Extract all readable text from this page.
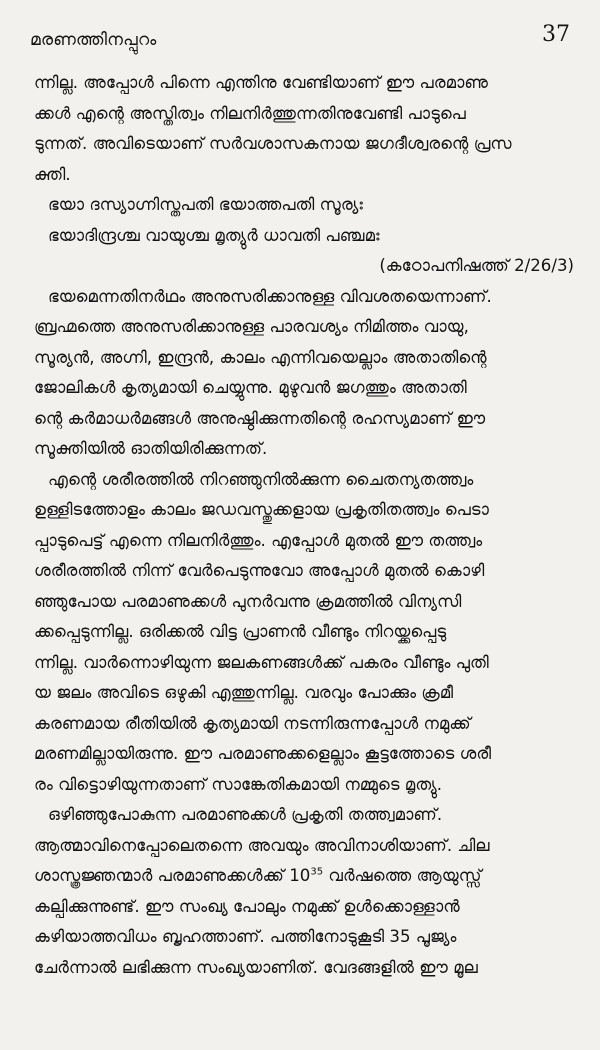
മരണത്തിനപ്പുറം	37
ന്നില്ല. അപ്പോൾ പിന്നെ എന്തിനു വേണ്ടിയാണ് ഈ പരമാണു
ക്കൾ എന്റെ അസ്തിത്വം നിലനിർത്തുന്നതിനുവേണ്ടി പാടുപെ
ടുന്നത്. അവിടെയാണ് സർവശാസകനായ ജഗദീശ്വരന്റെ പ്രസ
ക്തി.
ഭയാ ദസ്യാഗ്നിസ്തപതി ഭയാത്തപതി സൂര്യഃ
ഭയാദിന്ദ്രശ്ച വായുശ്ച മൃത്യുർ ധാവതി പഞ്ചമഃ
(കഠോപനിഷത്ത് 2/26/3)
ഭയമെന്നതിനർഥം അനുസരിക്കാനുള്ള വിവശതയെന്നാണ്.
ബ്രഹ്മത്തെ അനുസരിക്കാനുള്ള പാരവശ്യം നിമിത്തം വായു,
സൂര്യൻ, അഗ്നി, ഇന്ദ്രൻ, കാലം എന്നിവയെല്ലാം അതാതിന്റെ
ജോലികൾ കൃത്യമായി ചെയ്യുന്നു. മുഴുവൻ ജഗത്തും അതാതി
ന്റെ കർമാധർമങ്ങൾ അനുഷ്ഠിക്കുന്നതിന്റെ രഹസ്യമാണ് ഈ
സൂക്തിയിൽ ഓതിയിരിക്കുന്നത്.
എന്റെ ശരീരത്തിൽ നിറഞ്ഞുനിൽക്കുന്ന ചൈതന്യതത്ത്വം
ഉള്ളിടത്തോളം കാലം ജഡവസ്തുക്കളായ പ്രകൃതിതത്ത്വം പെടാ
പ്പാടുപെട്ട് എന്നെ നിലനിർത്തും. എപ്പോൾ മുതൽ ഈ തത്ത്വം
ശരീരത്തിൽ നിന്ന് വേർപെടുന്നുവോ അപ്പോൾ മുതൽ കൊഴി
ഞ്ഞുപോയ പരമാണുക്കൾ പുനർവന്നു ക്രമത്തിൽ വിന്യസി
ക്കപ്പെടുന്നില്ല. ഒരിക്കൽ വിട്ട പ്രാണൻ വീണ്ടും നിറയ്ക്കപ്പെടു
ന്നില്ല. വാർന്നൊഴിയുന്ന ജലകണങ്ങൾക്ക് പകരം വീണ്ടും പുതി
യ ജലം അവിടെ ഒഴുകി എത്തുന്നില്ല. വരവും പോക്കും ക്രമീ
കരണമായ രീതിയിൽ കൃത്യമായി നടന്നിരുന്നപ്പോൾ നമുക്ക്
മരണമില്ലായിരുന്നു. ഈ പരമാണുക്കളെല്ലാം കൂട്ടത്തോടെ ശരീ
രം വിട്ടൊഴിയുന്നതാണ് സാങ്കേതികമായി നമ്മുടെ മൃത്യു.
ഒഴിഞ്ഞുപോകുന്ന പരമാണുക്കൾ പ്രകൃതി തത്ത്വമാണ്.
ആത്മാവിനെപ്പോലെതന്നെ അവയും അവിനാശിയാണ്. ചില
ശാസ്ത്രജ്ഞന്മാർ പരമാണുക്കൾക്ക് $10^{35}$ വർഷത്തെ ആയുസ്സ്
കല്പിക്കുന്നുണ്ട്. ഈ സംഖ്യ പോലും നമുക്ക് ഉൾക്കൊള്ളാൻ
കഴിയാത്തവിധം ബൃഹത്താണ്. പത്തിനോടുകൂടി 35 പൂജ്യം
ചേർന്നാൽ ലഭിക്കുന്ന സംഖ്യയാണിത്. വേദങ്ങളിൽ ഈ മൂല
